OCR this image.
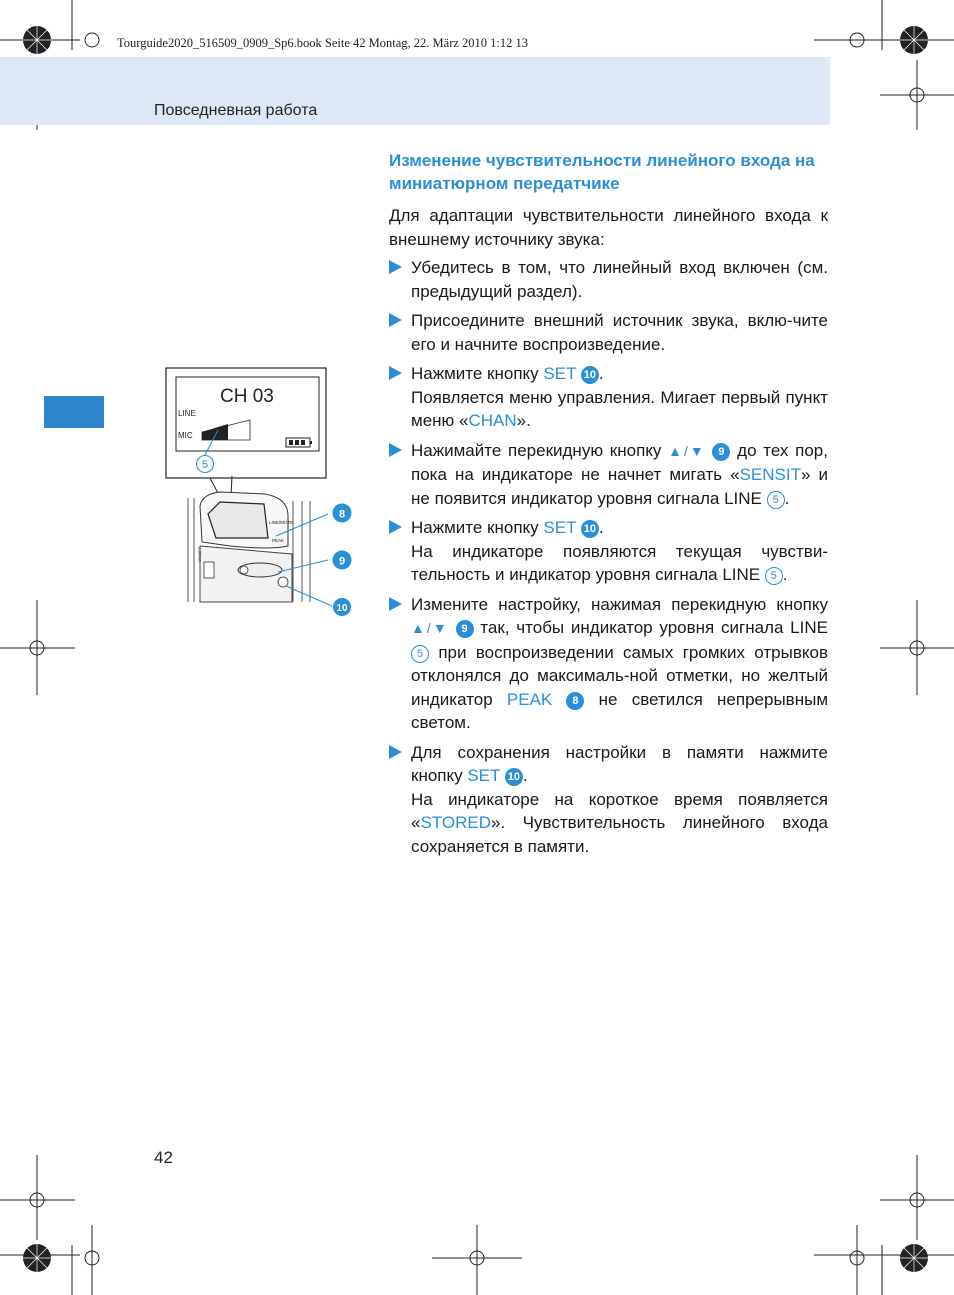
Tourguide2020_516509_0909_Sp6.book Seite 42 Montag, 22. März 2010 1:12 13
Повседневная работа
CH 03
LINE
MIC
5
LINE/MUTE
PEAK
ON/OFF
8
9
10
Изменение чувствительности линейного входа на миниатюрном передатчике
Для адаптации чувствительности линейного входа к внешнему источнику звука:
Убедитесь в том, что линейный вход включен (см. предыдущий раздел).
Присоедините внешний источник звука, вклю-чите его и начните воспроизведение.
Нажмите кнопку SET 10 .
Появляется меню управления. Мигает первый пункт меню «CHAN».
Нажимайте перекидную кнопку ▲/▼ 9 до тех пор, пока на индикаторе не начнет мигать «SENSIT» и не появится индикатор уровня сигнала LINE 5 .
Нажмите кнопку SET 10 .
На индикаторе появляются текущая чувстви-тельность и индикатор уровня сигнала LINE 5 .
Измените настройку, нажимая перекидную кнопку ▲/▼ 9 так, чтобы индикатор уровня сигнала LINE 5 при воспроизведении самых громких отрывков отклонялся до максималь-ной отметки, но желтый индикатор PEAK 8 не светился непрерывным светом.
Для сохранения настройки в памяти нажмите кнопку SET 10 .
На индикаторе на короткое время появляется «STORED». Чувствительность линейного входа сохраняется в памяти.
42
